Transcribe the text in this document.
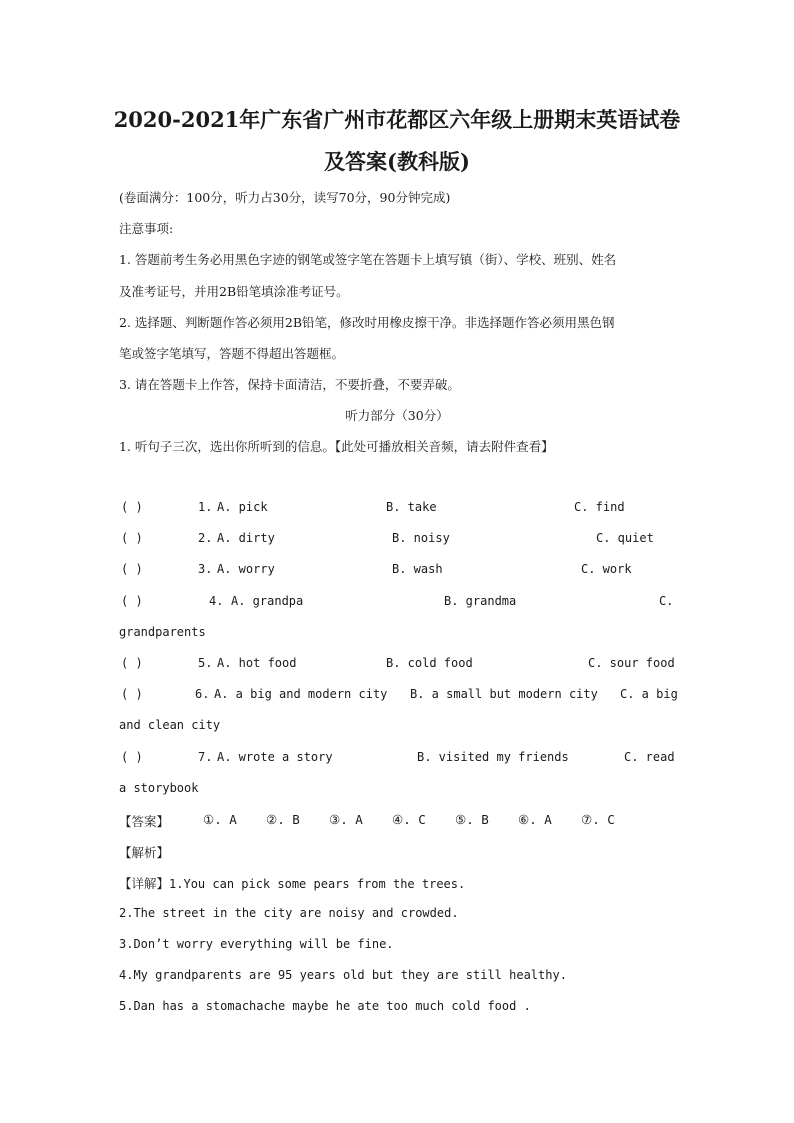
2020-2021年广东省广州市花都区六年级上册期末英语试卷
及答案(教科版)
(卷面满分：100分，听力占30分，读写70分，90分钟完成)
注意事项:
1. 答题前考生务必用黑色字迹的钢笔或签字笔在答题卡上填写镇（街）、学校、班别、姓名
及准考证号，并用2B铅笔填涂准考证号。
2. 选择题、判断题作答必须用2B铅笔，修改时用橡皮擦干净。非选择题作答必须用黑色钢
笔或签字笔填写，答题不得超出答题框。
3. 请在答题卡上作答，保持卡面清洁，不要折叠，不要弄破。
听力部分（30分）
1. 听句子三次，选出你所听到的信息。【此处可播放相关音频，请去附件查看】
( )	1. A. pick	B. take	C. find
( )	2. A. dirty	B. noisy	C. quiet
( )	3. A. worry	B. wash	C. work
( )	4. A. grandpa	B. grandma	C.
grandparents
( )	5. A. hot food	B. cold food	C. sour food
( )	6. A. a big and modern city B. a small but modern city C. a big
and clean city
( )	7. A. wrote a story	B. visited my friends	C. read
a storybook
【答案】	①. A ②. B ③. A ④. C ⑤. B ⑥. A ⑦. C
【解析】
【详解】1.You can pick some pears from the trees.
2.The street in the city are noisy and crowded.
3.Don’t worry everything will be fine.
4.My grandparents are 95 years old but they are still healthy.
5.Dan has a stomachache maybe he ate too much cold food .
